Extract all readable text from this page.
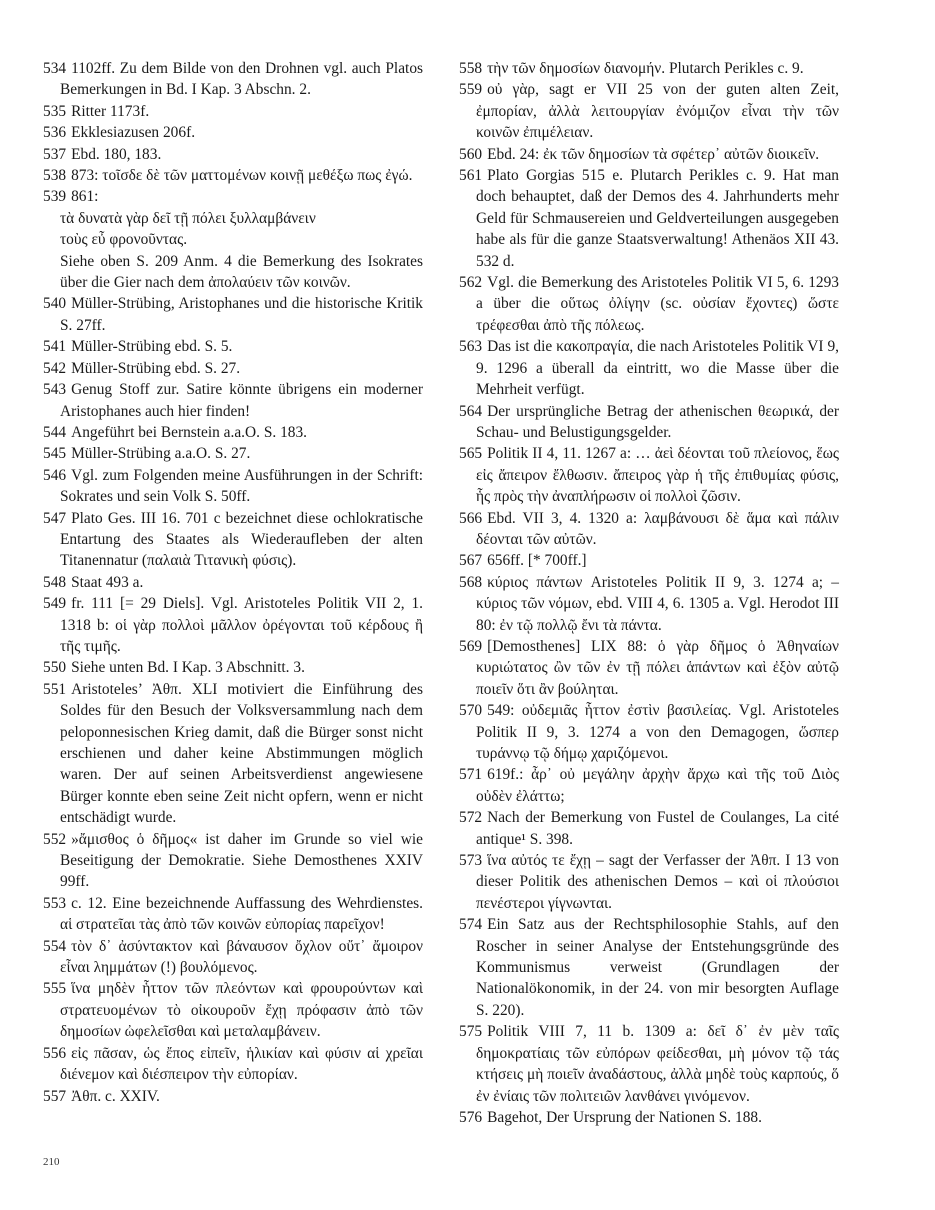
534 1102ff. Zu dem Bilde von den Drohnen vgl. auch Platos Bemerkungen in Bd. I Kap. 3 Abschn. 2.

535 Ritter 1173f.

536 Ekklesiazusen 206f.

537 Ebd. 180, 183.

538 873: τοῖσδε δὲ τῶν ματτομένων κοινῇ μεθέξω πως ἐγώ.

539 861:
τὰ δυνατὰ γὰρ δεῖ τῇ πόλει ξυλλαμβάνειν
τοὺς εὖ φρονοῦντας.
Siehe oben S. 209 Anm. 4 die Bemerkung des Isokrates über die Gier nach dem ἀπολαύειν τῶν κοινῶν.

540 Müller-Strübing, Aristophanes und die historische Kritik S. 27ff.

541 Müller-Strübing ebd. S. 5.

542 Müller-Strübing ebd. S. 27.

543 Genug Stoff zur. Satire könnte übrigens ein moderner Aristophanes auch hier finden!

544 Angeführt bei Bernstein a.a.O. S. 183.

545 Müller-Strübing a.a.O. S. 27.

546 Vgl. zum Folgenden meine Ausführungen in der Schrift: Sokrates und sein Volk S. 50ff.

547 Plato Ges. III 16. 701 c bezeichnet diese ochlokratische Entartung des Staates als Wiederaufleben der alten Titanennatur (παλαιὰ Τιτανικὴ φύσις).

548 Staat 493 a.

549 fr. 111 [= 29 Diels]. Vgl. Aristoteles Politik VII 2, 1. 1318 b: οἱ γὰρ πολλοὶ μᾶλλον ὀρέγονται τοῦ κέρδους ἢ τῆς τιμῆς.

550 Siehe unten Bd. I Kap. 3 Abschnitt. 3.

551 Aristoteles’ Ἀθπ. XLI motiviert die Einführung des Soldes für den Besuch der Volksversammlung nach dem peloponnesischen Krieg damit, daß die Bürger sonst nicht erschienen und daher keine Abstimmungen möglich waren. Der auf seinen Arbeitsverdienst angewiesene Bürger konnte eben seine Zeit nicht opfern, wenn er nicht entschädigt wurde.

552 »ἄμισθος ὁ δῆμος« ist daher im Grunde so viel wie Beseitigung der Demokratie. Siehe Demosthenes XXIV 99ff.

553 c. 12. Eine bezeichnende Auffassung des Wehrdienstes. αἱ στρατεῖαι τὰς ἀπὸ τῶν κοινῶν εὐπορίας παρεῖχον!

554 τὸν δ᾽ ἀσύντακτον καὶ βάναυσον ὄχλον οὔτ᾽ ἄμοιρον εἶναι λημμάτων (!) βουλόμενος.

555 ἵνα μηδὲν ἧττον τῶν πλεόντων καὶ φρουρούντων καὶ στρατευομένων τὸ οἰκουροῦν ἔχῃ πρόφασιν ἀπὸ τῶν δημοσίων ὠφελεῖσθαι καὶ μεταλαμβάνειν.

556 εἰς πᾶσαν, ὡς ἔπος εἰπεῖν, ἡλικίαν καὶ φύσιν αἱ χρεῖαι διένεμον καὶ διέσπειρον τὴν εὐπορίαν.

557 Ἀθπ. c. XXIV.

558 τὴν τῶν δημοσίων διανομήν. Plutarch Perikles c. 9.

559 οὐ γὰρ, sagt er VII 25 von der guten alten Zeit, ἐμπορίαν, ἀλλὰ λειτουργίαν ἐνόμιζον εἶναι τὴν τῶν κοινῶν ἐπιμέλειαν.

560 Ebd. 24: ἐκ τῶν δημοσίων τὰ σφέτερ᾽ αὐτῶν διοικεῖν.

561 Plato Gorgias 515 e. Plutarch Perikles c. 9. Hat man doch behauptet, daß der Demos des 4. Jahrhunderts mehr Geld für Schmausereien und Geldverteilungen ausgegeben habe als für die ganze Staatsverwaltung! Athenäos XII 43. 532 d.

562 Vgl. die Bemerkung des Aristoteles Politik VI 5, 6. 1293 a über die οὕτως ὀλίγην (sc. οὐσίαν ἔχοντες) ὥστε τρέφεσθαι ἀπὸ τῆς πόλεως.

563 Das ist die κακοπραγία, die nach Aristoteles Politik VI 9, 9. 1296 a überall da eintritt, wo die Masse über die Mehrheit verfügt.

564 Der ursprüngliche Betrag der athenischen θεωρικά, der Schau- und Belustigungsgelder.

565 Politik II 4, 11. 1267 a: … ἀεὶ δέονται τοῦ πλείονος, ἕως εἰς ἄπειρον ἔλθωσιν. ἄπειρος γὰρ ἡ τῆς ἐπιθυμίας φύσις, ἧς πρὸς τὴν ἀναπλήρωσιν οἱ πολλοὶ ζῶσιν.

566 Ebd. VII 3, 4. 1320 a: λαμβάνουσι δὲ ἅμα καὶ πάλιν δέονται τῶν αὐτῶν.

567 656ff. [* 700ff.]

568 κύριος πάντων Aristoteles Politik II 9, 3. 1274 a; – κύριος τῶν νόμων, ebd. VIII 4, 6. 1305 a. Vgl. Herodot III 80: ἐν τῷ πολλῷ ἔνι τὰ πάντα.

569 [Demosthenes] LIX 88: ὁ γὰρ δῆμος ὁ Ἀθηναίων κυριώτατος ὢν τῶν ἐν τῇ πόλει ἁπάντων καὶ ἐξὸν αὐτῷ ποιεῖν ὅτι ἂν βούληται.

570 549: οὐδεμιᾶς ἧττον ἐστὶν βασιλείας. Vgl. Aristoteles Politik II 9, 3. 1274 a von den Demagogen, ὥσπερ τυράννῳ τῷ δήμῳ χαριζόμενοι.

571 619f.: ἆρ᾽ οὐ μεγάλην ἀρχὴν ἄρχω καὶ τῆς τοῦ Διὸς οὐδὲν ἐλάττω;

572 Nach der Bemerkung von Fustel de Coulanges, La cité antique¹ S. 398.

573 ἵνα αὐτός τε ἔχῃ – sagt der Verfasser der Ἀθπ. I 13 von dieser Politik des athenischen Demos – καὶ οἱ πλούσιοι πενέστεροι γίγνωνται.

574 Ein Satz aus der Rechtsphilosophie Stahls, auf den Roscher in seiner Analyse der Entstehungsgründe des Kommunismus verweist (Grundlagen der Nationalökonomik, in der 24. von mir besorgten Auflage S. 220).

575 Politik VIII 7, 11 b. 1309 a: δεῖ δ᾽ ἐν μὲν ταῖς δημοκρατίαις τῶν εὐπόρων φείδεσθαι, μὴ μόνον τῷ τάς κτήσεις μὴ ποιεῖν ἀναδάστους, ἀλλὰ μηδὲ τοὺς καρπούς, ὅ ἐν ἐνίαις τῶν πολιτειῶν λανθάνει γινόμενον.

576 Bagehot, Der Ursprung der Nationen S. 188.

210
